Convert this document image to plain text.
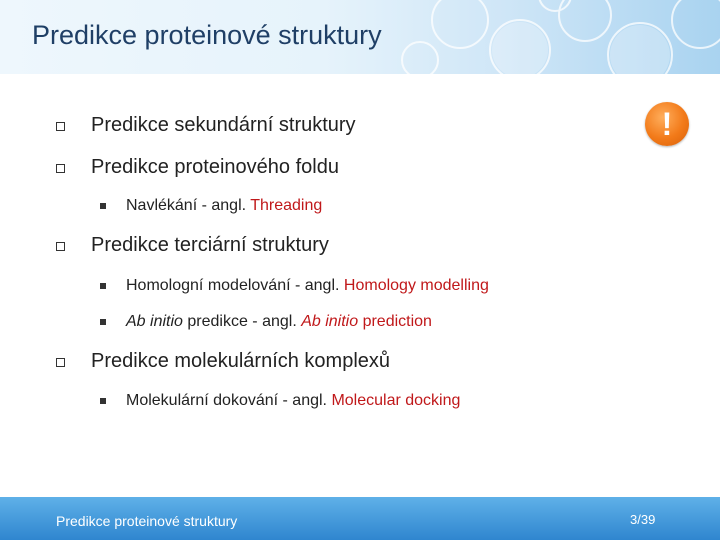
Predikce proteinové struktury
!
Predikce sekundární struktury
Predikce proteinového foldu
Navlékání - angl. Threading
Predikce terciární struktury
Homologní modelování - angl. Homology modelling
Ab initio predikce - angl. Ab initio prediction
Predikce molekulárních komplexů
Molekulární dokování - angl. Molecular docking
Predikce proteinové struktury	3/39
